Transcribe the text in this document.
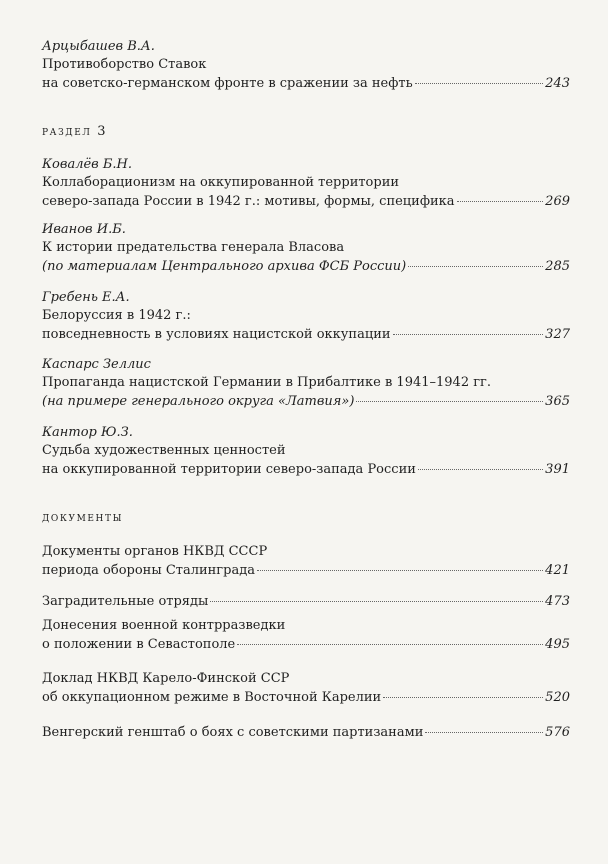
Арцыбашев В.А.
Противоборство Ставок
на советско-германском фронте в сражении за нефть	243
раздел 3
Ковалёв Б.Н.
Коллаборационизм на оккупированной территории
северо-запада России в 1942 г.: мотивы, формы, специфика	269
Иванов И.Б.
К истории предательства генерала Власова
(по материалам Центрального архива ФСБ России)	285
Гребень Е.А.
Белоруссия в 1942 г.:
повседневность в условиях нацистской оккупации	327
Каспарс Зеллис
Пропаганда нацистской Германии в Прибалтике в 1941–1942 гг.
(на примере генерального округа «Латвия»)	365
Кантор Ю.З.
Судьба художественных ценностей
на оккупированной территории северо-запада России	391
документы
Документы органов НКВД СССР
периода обороны Сталинграда	421
Заградительные отряды	473
Донесения военной контрразведки
о положении в Севастополе	495
Доклад НКВД Карело-Финской ССР
об оккупационном режиме в Восточной Карелии	520
Венгерский генштаб о боях с советскими партизанами	576
